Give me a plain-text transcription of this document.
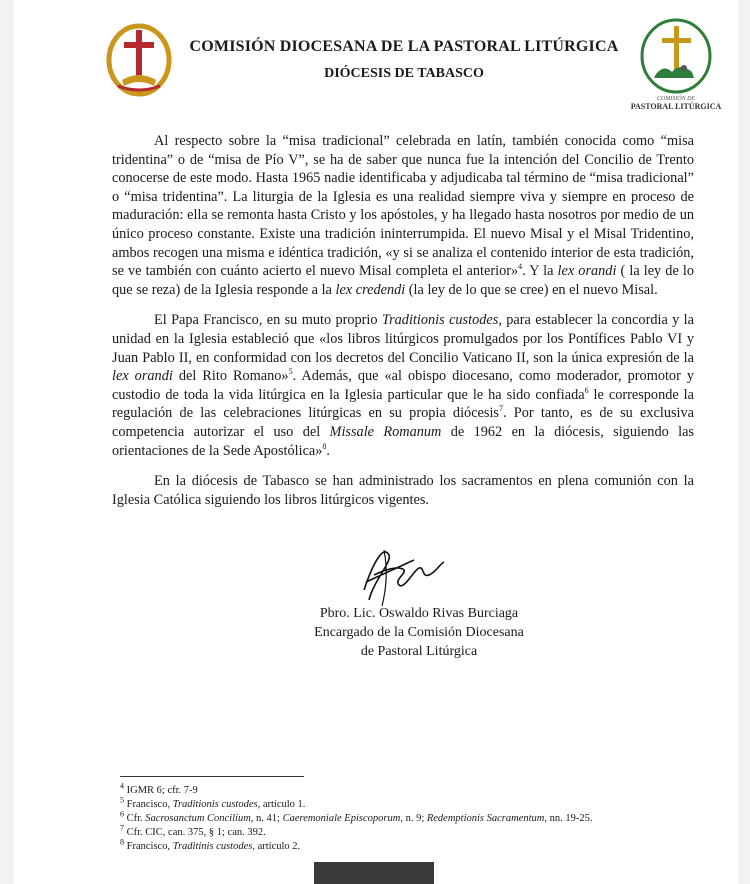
COMISIÓN DIOCESANA DE LA PASTORAL LITÚRGICA
DIÓCESIS DE TABASCO
COMISIÓN DE
PASTORAL LITÚRGICA

Al respecto sobre la “misa tradicional” celebrada en latín, también conocida como “misa tridentina” o de “misa de Pío V”, se ha de saber que nunca fue la intención del Concilio de Trento conocerse de este modo. Hasta 1965 nadie identificaba y adjudicaba tal término de “misa tradicional” o “misa tridentina”. La liturgia de la Iglesia es una realidad siempre viva y siempre en proceso de maduración: ella se remonta hasta Cristo y los apóstoles, y ha llegado hasta nosotros por medio de un único proceso constante. Existe una tradición ininterrumpida. El nuevo Misal y el Misal Tridentino, ambos recogen una misma e idéntica tradición, «y si se analiza el contenido interior de esta tradición, se ve también con cuánto acierto el nuevo Misal completa el anterior»$^4$. Y la lex orandi ( la ley de lo que se reza) de la Iglesia responde a la lex credendi (la ley de lo que se cree) en el nuevo Misal.

El Papa Francisco, en su muto proprio Traditionis custodes, para establecer la concordia y la unidad en la Iglesia estableció que «los libros litúrgicos promulgados por los Pontífices Pablo VI y Juan Pablo II, en conformidad con los decretos del Concilio Vaticano II, son la única expresión de la lex orandi del Rito Romano»$^5$. Además, que «al obispo diocesano, como moderador, promotor y custodio de toda la vida litúrgica en la Iglesia particular que le ha sido confiada$^6$ le corresponde la regulación de las celebraciones litúrgicas en su propia diócesis$^7$. Por tanto, es de su exclusiva competencia autorizar el uso del Missale Romanum de 1962 en la diócesis, siguiendo las orientaciones de la Sede Apostólica»$^8$.

En la diócesis de Tabasco se han administrado los sacramentos en plena comunión con la Iglesia Católica siguiendo los libros litúrgicos vigentes.

Pbro. Lic. Oswaldo Rivas Burciaga
Encargado de la Comisión Diocesana
de Pastoral Litúrgica
$^4$ IGMR 6; cfr. 7-9
$^5$ Francisco, Traditionis custodes, artículo 1.
$^6$ Cfr. Sacrosanctum Concilium, n. 41; Caeremoniale Episcoporum, n. 9; Redemptionis Sacramentum, nn. 19-25.
$^7$ Cfr. CIC, can. 375, § 1; can. 392.
$^8$ Francisco, Traditinis custodes, artículo 2.
